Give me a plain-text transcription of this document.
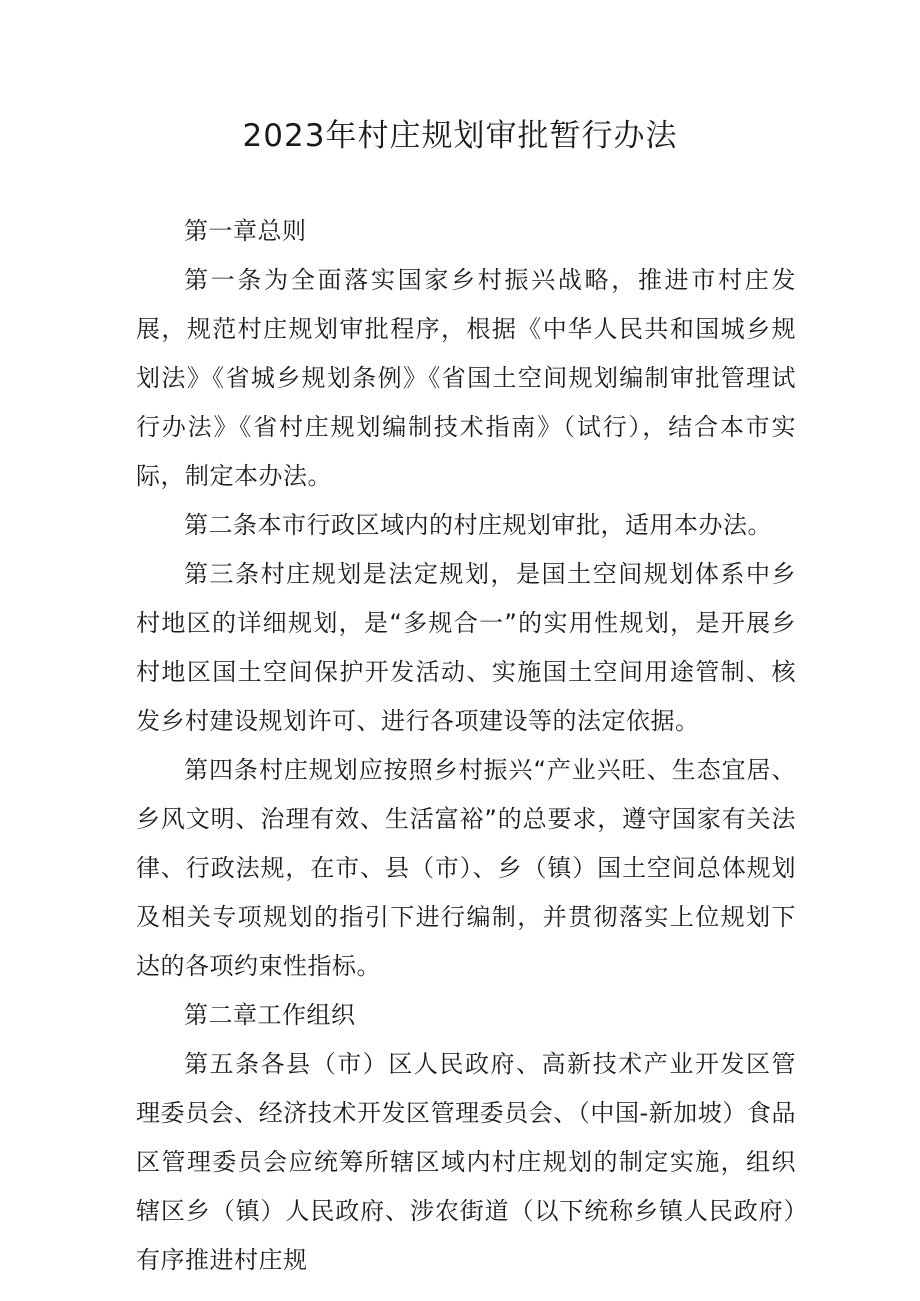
2023年村庄规划审批暂行办法

第一章总则

第一条为全面落实国家乡村振兴战略，推进市村庄发展，规范村庄规划审批程序，根据《中华人民共和国城乡规划法》《省城乡规划条例》《省国土空间规划编制审批管理试行办法》《省村庄规划编制技术指南》（试行），结合本市实际，制定本办法。

第二条本市行政区域内的村庄规划审批，适用本办法。

第三条村庄规划是法定规划，是国土空间规划体系中乡村地区的详细规划，是“多规合一”的实用性规划，是开展乡村地区国土空间保护开发活动、实施国土空间用途管制、核发乡村建设规划许可、进行各项建设等的法定依据。

第四条村庄规划应按照乡村振兴“产业兴旺、生态宜居、乡风文明、治理有效、生活富裕”的总要求，遵守国家有关法律、行政法规，在市、县（市）、乡（镇）国土空间总体规划及相关专项规划的指引下进行编制，并贯彻落实上位规划下达的各项约束性指标。

第二章工作组织

第五条各县（市）区人民政府、高新技术产业开发区管理委员会、经济技术开发区管理委员会、（中国-新加坡）食品区管理委员会应统筹所辖区域内村庄规划的制定实施，组织辖区乡（镇）人民政府、涉农街道（以下统称乡镇人民政府）有序推进村庄规
